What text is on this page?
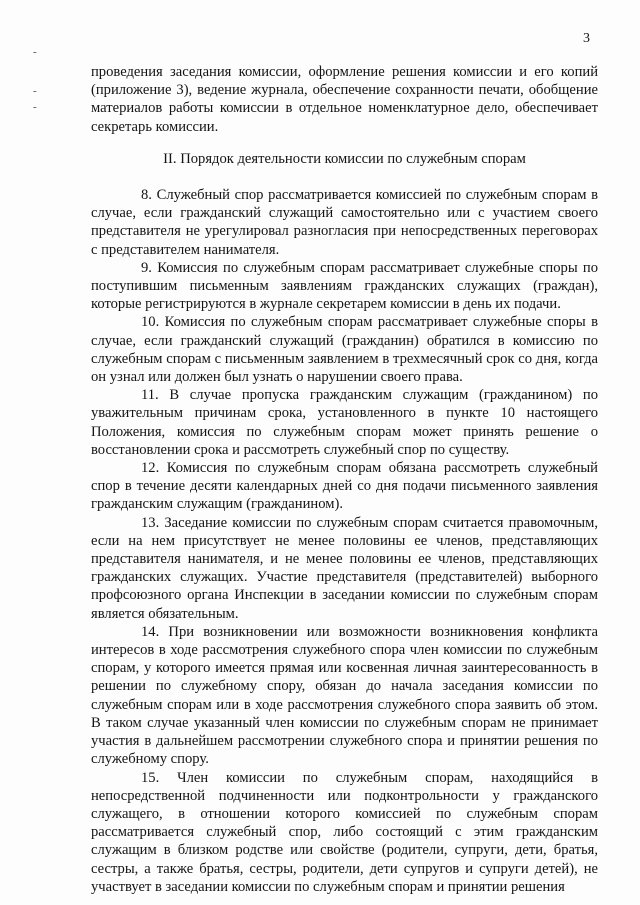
3
-
-
-

проведения заседания комиссии, оформление решения комиссии и его копий (приложение 3), ведение журнала, обеспечение сохранности печати, обобщение материалов работы комиссии в отдельное номенклатурное дело, обеспечивает секретарь комиссии.

II. Порядок деятельности комиссии по служебным спорам

8. Служебный спор рассматривается комиссией по служебным спорам в случае, если гражданский служащий самостоятельно или с участием своего представителя не урегулировал разногласия при непосредственных переговорах с представителем нанимателя.

9. Комиссия по служебным спорам рассматривает служебные споры по поступившим письменным заявлениям гражданских служащих (граждан), которые регистрируются в журнале секретарем комиссии в день их подачи.

10. Комиссия по служебным спорам рассматривает служебные споры в случае, если гражданский служащий (гражданин) обратился в комиссию по служебным спорам с письменным заявлением в трехмесячный срок со дня, когда он узнал или должен был узнать о нарушении своего права.

11. В случае пропуска гражданским служащим (гражданином) по уважительным причинам срока, установленного в пункте 10 настоящего Положения, комиссия по служебным спорам может принять решение о восстановлении срока и рассмотреть служебный спор по существу.

12. Комиссия по служебным спорам обязана рассмотреть служебный спор в течение десяти календарных дней со дня подачи письменного заявления гражданским служащим (гражданином).

13. Заседание комиссии по служебным спорам считается правомочным, если на нем присутствует не менее половины ее членов, представляющих представителя нанимателя, и не менее половины ее членов, представляющих гражданских служащих. Участие представителя (представителей) выборного профсоюзного органа Инспекции в заседании комиссии по служебным спорам является обязательным.

14. При возникновении или возможности возникновения конфликта интересов в ходе рассмотрения служебного спора член комиссии по служебным спорам, у которого имеется прямая или косвенная личная заинтересованность в решении по служебному спору, обязан до начала заседания комиссии по служебным спорам или в ходе рассмотрения служебного спора заявить об этом. В таком случае указанный член комиссии по служебным спорам не принимает участия в дальнейшем рассмотрении служебного спора и принятии решения по служебному спору.

15. Член комиссии по служебным спорам, находящийся в непосредственной подчиненности или подконтрольности у гражданского служащего, в отношении которого комиссией по служебным спорам рассматривается служебный спор, либо состоящий с этим гражданским служащим в близком родстве или свойстве (родители, супруги, дети, братья, сестры, а также братья, сестры, родители, дети супругов и супруги детей), не участвует в заседании комиссии по служебным спорам и принятии решения
